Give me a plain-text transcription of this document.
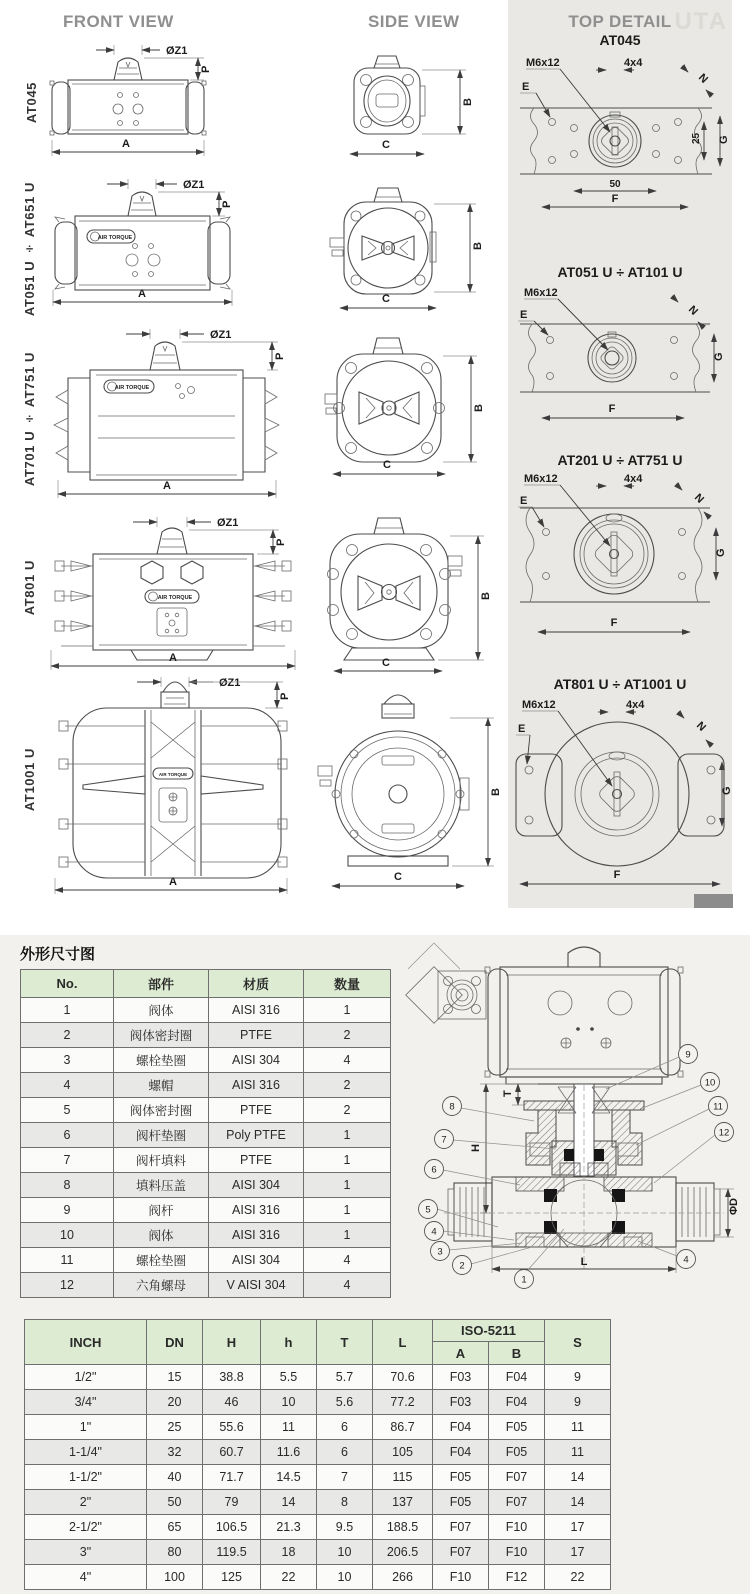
FRONT VIEW	SIDE VIEW
AT045
AT051 U ÷ AT651 U
AT701 U ÷ AT751 U
AT801 U
AT1001 U
ØZ1
P
A
ØZ1
P
AIR TORQUE
A
ØZ1
P
AIR TORQUE
A
ØZ1
P
AIR TORQUE
A
ØZ1
P
AIR TORQUE
A
B
C
B
C
B
C
B
C
B
C
UTA
TOP DETAIL
AT045
M6x12
E
4x4
N
25 G
50
F
AT051 U ÷ AT101 U
M6x12
E	N
G
F
AT201 U ÷ AT751 U
M6x12
E
4x4
N
G
F
AT801 U ÷ AT1001 U
M6x12
E
4x4
N
G
F
外形尺寸图
No.	部件	材质	数量
1	阀体	AISI 316	1
2	阀体密封圈	PTFE	2
3	螺栓垫圈	AISI 304	4
4	螺帽	AISI 316	2
5	阀体密封圈	PTFE	2
6	阀杆垫圈	Poly PTFE	1
7	阀杆填料	PTFE	1
8	填料压盖	AISI 304	1
9	阀杆	AISI 316	1
10	阀体	AISI 316	1
11	螺栓垫圈	AISI 304	4
12	六角螺母	V AISI 304	4
T
H
ΦD
L
9
10
11
12
8
7
6
5
4
3
2
1
4
INCH	DN	H	h	T	L	ISO-5211		S
						A	B	
1/2"	15	38.8	5.5	5.7	70.6	F03	F04	9
3/4"	20	46	10	5.6	77.2	F03	F04	9
1"	25	55.6	11	6	86.7	F04	F05	11
1-1/4"	32	60.7	11.6	6	105	F04	F05	11
1-1/2"	40	71.7	14.5	7	115	F05	F07	14
2"	50	79	14	8	137	F05	F07	14
2-1/2"	65	106.5	21.3	9.5	188.5	F07	F10	17
3"	80	119.5	18	10	206.5	F07	F10	17
4"	100	125	22	10	266	F10	F12	22
